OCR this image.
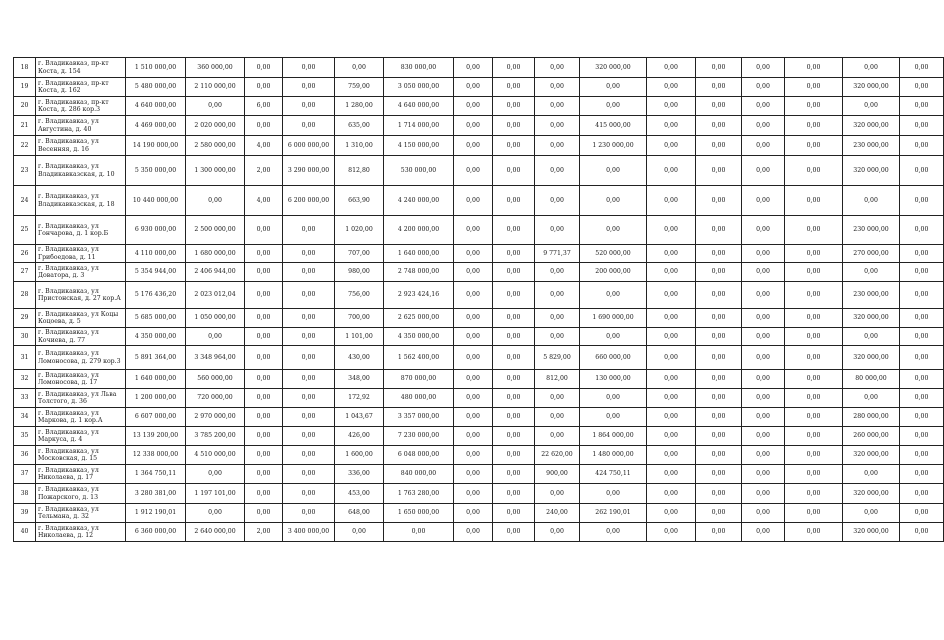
18	г. Владикавказ, пр-кт Коста, д. 154	1 510 000,00	360 000,00	0,00	0,00	0,00	830 000,00	0,00	0,00	0,00	320 000,00	0,00	0,00	0,00	0,00	0,00	0,00
19	г. Владикавказ, пр-кт Коста, д. 162	5 480 000,00	2 110 000,00	0,00	0,00	759,00	3 050 000,00	0,00	0,00	0,00	0,00	0,00	0,00	0,00	0,00	320 000,00	0,00
20	г. Владикавказ, пр-кт Коста, д. 286 кор.3	4 640 000,00	0,00	6,00	0,00	1 280,00	4 640 000,00	0,00	0,00	0,00	0,00	0,00	0,00	0,00	0,00	0,00	0,00
21	г. Владикавказ, ул Августина, д. 40	4 469 000,00	2 020 000,00	0,00	0,00	635,00	1 714 000,00	0,00	0,00	0,00	415 000,00	0,00	0,00	0,00	0,00	320 000,00	0,00
22	г. Владикавказ, ул Весенняя, д. 16	14 190 000,00	2 580 000,00	4,00	6 000 000,00	1 310,00	4 150 000,00	0,00	0,00	0,00	1 230 000,00	0,00	0,00	0,00	0,00	230 000,00	0,00
23	г. Владикавказ, ул Владикавказская, д. 10	5 350 000,00	1 300 000,00	2,00	3 290 000,00	812,80	530 000,00	0,00	0,00	0,00	0,00	0,00	0,00	0,00	0,00	320 000,00	0,00
24	г. Владикавказ, ул Владикавказская, д. 18	10 440 000,00	0,00	4,00	6 200 000,00	663,90	4 240 000,00	0,00	0,00	0,00	0,00	0,00	0,00	0,00	0,00	0,00	0,00
25	г. Владикавказ, ул Гончарова, д. 1 кор.Б	6 930 000,00	2 500 000,00	0,00	0,00	1 020,00	4 200 000,00	0,00	0,00	0,00	0,00	0,00	0,00	0,00	0,00	230 000,00	0,00
26	г. Владикавказ, ул Грибоедова, д. 11	4 110 000,00	1 680 000,00	0,00	0,00	707,00	1 640 000,00	0,00	0,00	9 771,37	520 000,00	0,00	0,00	0,00	0,00	270 000,00	0,00
27	г. Владикавказ, ул Доватора, д. 3	5 354 944,00	2 406 944,00	0,00	0,00	980,00	2 748 000,00	0,00	0,00	0,00	200 000,00	0,00	0,00	0,00	0,00	0,00	0,00
28	г. Владикавказ, ул Пристонская, д. 27 кор.А	5 176 436,20	2 023 012,04	0,00	0,00	756,00	2 923 424,16	0,00	0,00	0,00	0,00	0,00	0,00	0,00	0,00	230 000,00	0,00
29	г. Владикавказ, ул Коцы Коцоева, д. 5	5 685 000,00	1 050 000,00	0,00	0,00	700,00	2 625 000,00	0,00	0,00	0,00	1 690 000,00	0,00	0,00	0,00	0,00	320 000,00	0,00
30	г. Владикавказ, ул Кочиева, д. 77	4 350 000,00	0,00	0,00	0,00	1 101,00	4 350 000,00	0,00	0,00	0,00	0,00	0,00	0,00	0,00	0,00	0,00	0,00
31	г. Владикавказ, ул Ломоносова, д. 279 кор.3	5 891 364,00	3 348 964,00	0,00	0,00	430,00	1 562 400,00	0,00	0,00	5 829,00	660 000,00	0,00	0,00	0,00	0,00	320 000,00	0,00
32	г. Владикавказ, ул Ломоносова, д. 17	1 640 000,00	560 000,00	0,00	0,00	348,00	870 000,00	0,00	0,00	812,00	130 000,00	0,00	0,00	0,00	0,00	80 000,00	0,00
33	г. Владикавказ, ул Льва Толстого, д. 36	1 200 000,00	720 000,00	0,00	0,00	172,92	480 000,00	0,00	0,00	0,00	0,00	0,00	0,00	0,00	0,00	0,00	0,00
34	г. Владикавказ, ул Маркова, д. 1 кор.А	6 607 000,00	2 970 000,00	0,00	0,00	1 043,67	3 357 000,00	0,00	0,00	0,00	0,00	0,00	0,00	0,00	0,00	280 000,00	0,00
35	г. Владикавказ, ул Маркуса, д. 4	13 139 200,00	3 785 200,00	0,00	0,00	426,00	7 230 000,00	0,00	0,00	0,00	1 864 000,00	0,00	0,00	0,00	0,00	260 000,00	0,00
36	г. Владикавказ, ул Московская, д. 15	12 338 000,00	4 510 000,00	0,00	0,00	1 600,00	6 048 000,00	0,00	0,00	22 620,00	1 480 000,00	0,00	0,00	0,00	0,00	320 000,00	0,00
37	г. Владикавказ, ул Николаева, д. 17	1 364 750,11	0,00	0,00	0,00	336,00	840 000,00	0,00	0,00	900,00	424 750,11	0,00	0,00	0,00	0,00	0,00	0,00
38	г. Владикавказ, ул Пожарского, д. 13	3 280 381,00	1 197 101,00	0,00	0,00	453,00	1 763 280,00	0,00	0,00	0,00	0,00	0,00	0,00	0,00	0,00	320 000,00	0,00
39	г. Владикавказ, ул Тельмана, д. 32	1 912 190,01	0,00	0,00	0,00	648,00	1 650 000,00	0,00	0,00	240,00	262 190,01	0,00	0,00	0,00	0,00	0,00	0,00
40	г. Владикавказ, ул Николаева, д. 12	6 360 000,00	2 640 000,00	2,00	3 400 000,00	0,00	0,00	0,00	0,00	0,00	0,00	0,00	0,00	0,00	0,00	320 000,00	0,00
